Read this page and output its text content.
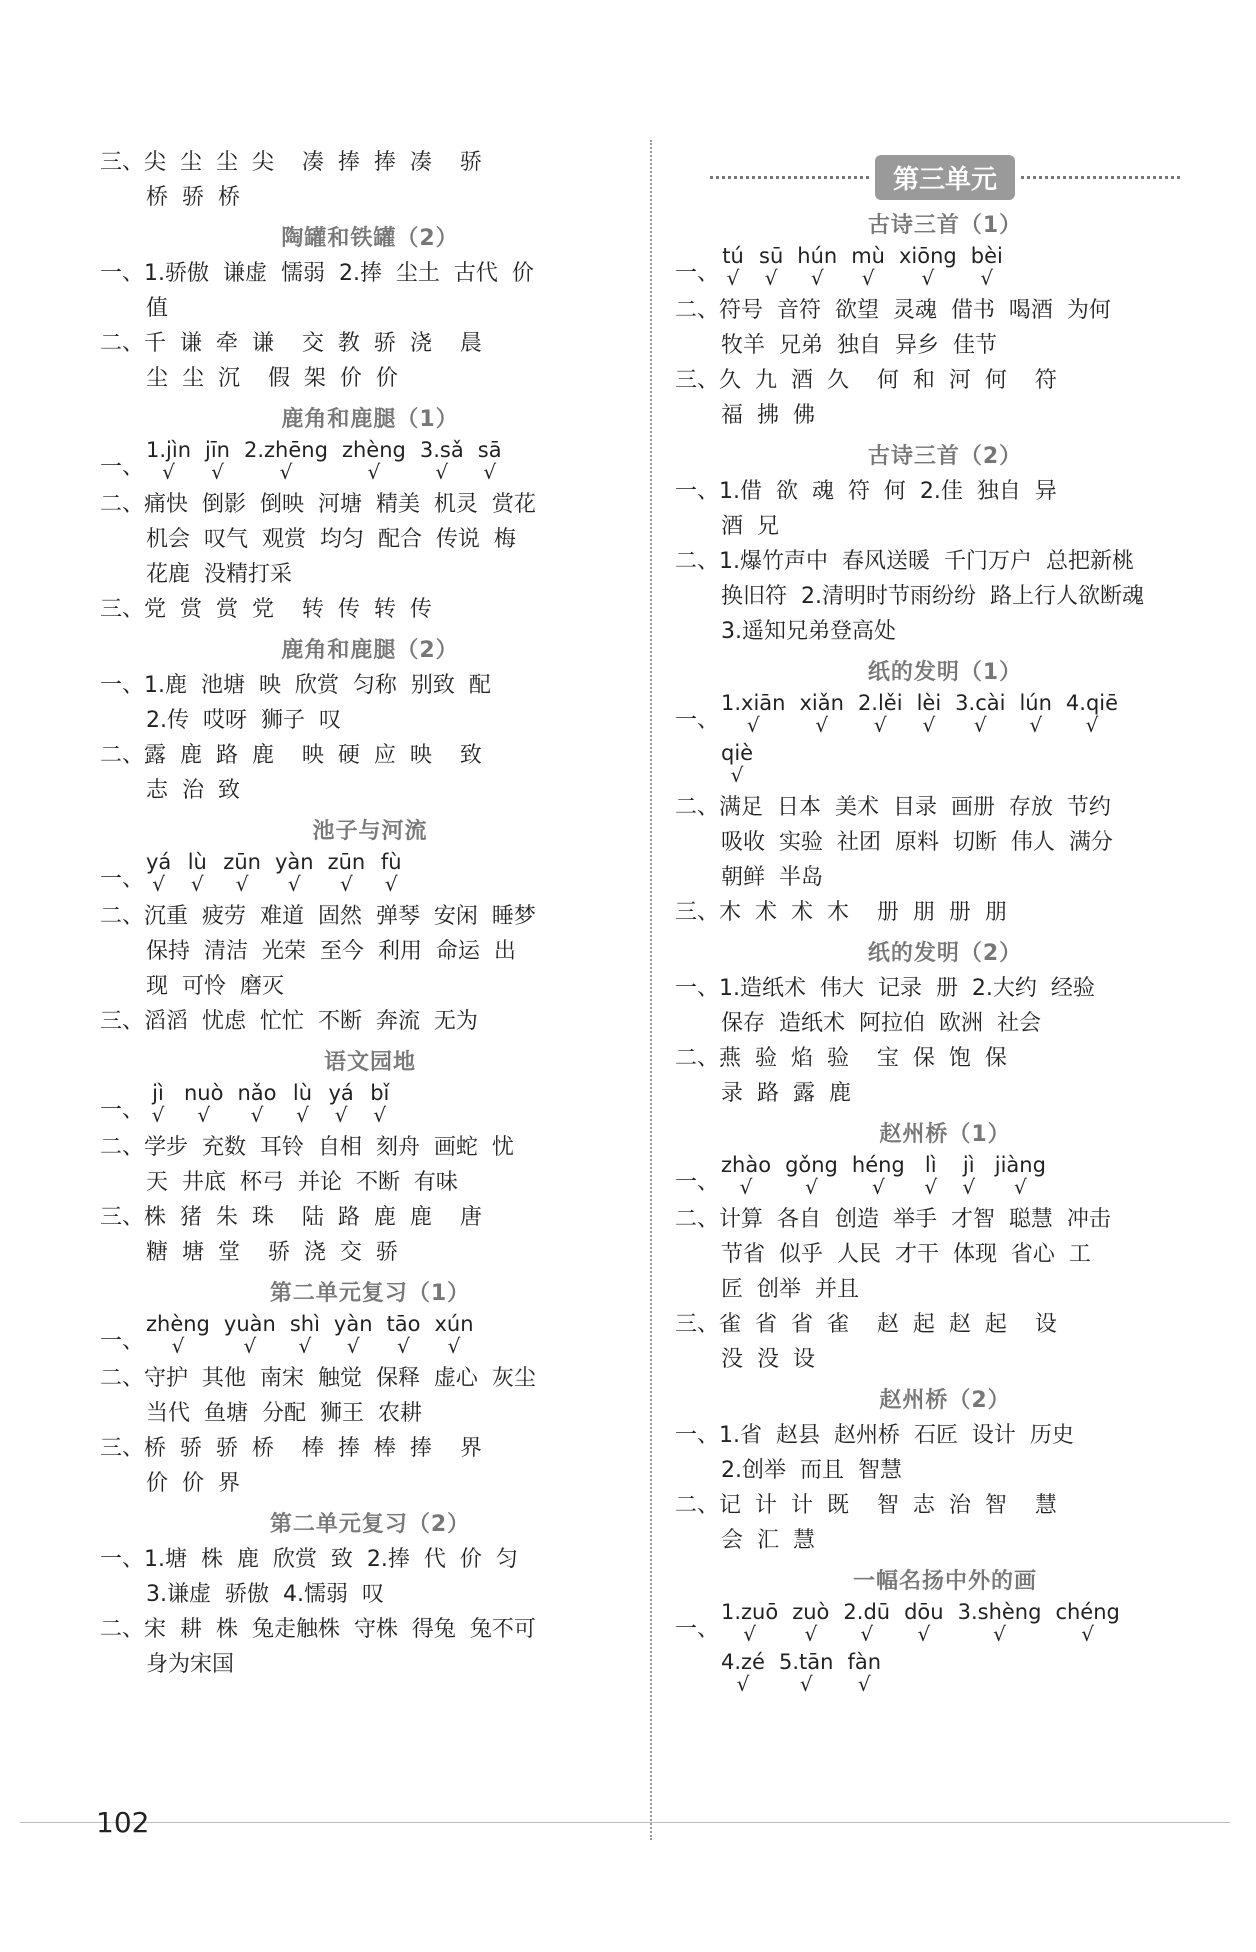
三、尖  尘  尘  尖    凑  捧  捧  凑    骄
桥  骄  桥
陶罐和铁罐（2）
一、1.骄傲  谦虚  懦弱  2.捧  尘土  古代  价
值
二、千  谦  牵  谦    交  教  骄  浇    晨
尘  尘  沉    假  架  价  价
鹿角和鹿腿（1）
一、
1.jìn
√
jīn
√
2.zhēng
√
zhèng
√
3.sǎ
√
sā
√
二、痛快  倒影  倒映  河塘  精美  机灵  赏花
机会  叹气  观赏  均匀  配合  传说  梅
花鹿  没精打采
三、党  赏  赏  党    转  传  转  传
鹿角和鹿腿（2）
一、1.鹿  池塘  映  欣赏  匀称  别致  配
2.传  哎呀  狮子  叹
二、露  鹿  路  鹿    映  硬  应  映    致
志  治  致
池子与河流
一、
yá
√
lù
√
zūn
√
yàn
√
zūn
√
fù
√
二、沉重  疲劳  难道  固然  弹琴  安闲  睡梦
保持  清洁  光荣  至今  利用  命运  出
现  可怜  磨灭
三、滔滔  忧虑  忙忙  不断  奔流  无为
语文园地
一、
jì
√
nuò
√
nǎo
√
lù
√
yá
√
bǐ
√
二、学步  充数  耳铃  自相  刻舟  画蛇  忧
天  井底  杯弓  并论  不断  有味
三、株  猪  朱  珠    陆  路  鹿  鹿    唐
糖  塘  堂    骄  浇  交  骄
第二单元复习（1）
一、
zhèng
√
yuàn
√
shì
√
yàn
√
tāo
√
xún
√
二、守护  其他  南宋  触觉  保释  虚心  灰尘
当代  鱼塘  分配  狮王  农耕
三、桥  骄  骄  桥    棒  捧  棒  捧    界
价  价  界
第二单元复习（2）
一、1.塘  株  鹿  欣赏  致  2.捧  代  价  匀
3.谦虚  骄傲  4.懦弱  叹
二、宋  耕  株  兔走触株  守株  得兔  兔不可
身为宋国
第三单元
古诗三首（1）
一、
tú
√
sū
√
hún
√
mù
√
xiōng
√
bèi
√
二、符号  音符  欲望  灵魂  借书  喝酒  为何
牧羊  兄弟  独自  异乡  佳节
三、久  九  酒  久    何  和  河  何    符
福  拂  佛
古诗三首（2）
一、1.借  欲  魂  符  何  2.佳  独自  异
酒  兄
二、1.爆竹声中  春风送暖  千门万户  总把新桃
换旧符  2.清明时节雨纷纷  路上行人欲断魂
3.遥知兄弟登高处
纸的发明（1）
一、
1.xiān
√
xiǎn
√
2.lěi
√
lèi
√
3.cài
√
lún
√
4.qiē
√
qiè
√
二、满足  日本  美术  目录  画册  存放  节约
吸收  实验  社团  原料  切断  伟人  满分
朝鲜  半岛
三、木  术  术  木    册  朋  册  朋
纸的发明（2）
一、1.造纸术  伟大  记录  册  2.大约  经验
保存  造纸术  阿拉伯  欧洲  社会
二、燕  验  焰  验    宝  保  饱  保
录  路  露  鹿
赵州桥（1）
一、
zhào
√
gǒng
√
héng
√
lì
√
jì
√
jiàng
√
二、计算  各自  创造  举手  才智  聪慧  冲击
节省  似乎  人民  才干  体现  省心  工
匠  创举  并且
三、雀  省  省  雀    赵  起  赵  起    设
没  没  设
赵州桥（2）
一、1.省  赵县  赵州桥  石匠  设计  历史
2.创举  而且  智慧
二、记  计  计  既    智  志  治  智    慧
会  汇  慧
一幅名扬中外的画
一、
1.zuō
√
zuò
√
2.dū
√
dōu
√
3.shèng
√
chéng
√
4.zé
√
5.tān
√
fàn
√
102
